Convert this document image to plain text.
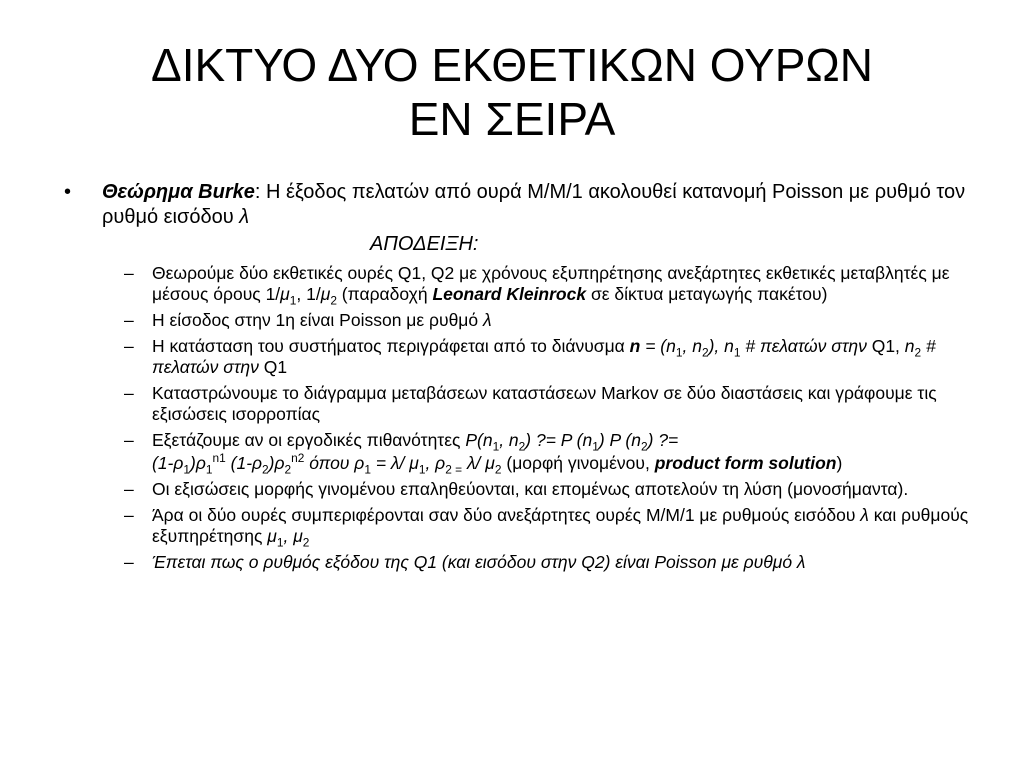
ΔΙΚΤΥΟ ΔΥΟ ΕΚΘΕΤΙΚΩΝ ΟΥΡΩΝ
ΕΝ ΣΕΙΡΑ
• Θεώρημα Burke: Η έξοδος πελατών από ουρά Μ/Μ/1 ακολουθεί κατανομή Poisson με ρυθμό τον ρυθμό εισόδου λ
ΑΠΟΔΕΙΞΗ:
– Θεωρούμε δύο εκθετικές ουρές Q1, Q2 με χρόνους εξυπηρέτησης ανεξάρτητες εκθετικές μεταβλητές με μέσους όρους $1/\mu_1$, $1/\mu_2$ (παραδοχή Leonard Kleinrock σε δίκτυα μεταγωγής πακέτου)
– Η είσοδος στην 1η είναι Poisson με ρυθμό λ
– Η κατάσταση του συστήματος περιγράφεται από το διάνυσμα $n = (n_1$, $n_2$), $n_1$ # πελατών στην Q1, $n_2$ # πελατών στην Q1
– Καταστρώνουμε το διάγραμμα μεταβάσεων καταστάσεων Markov σε δύο διαστάσεις και γράφουμε τις εξισώσεις ισορροπίας
– Εξετάζουμε αν οι εργοδικές πιθανότητες $P(n_1$, $n_2$) ?= P $(n_1)$ P $(n_2)$ ?=
$(1-\rho_1)\rho_1^{n1}$ $(1-\rho_2)\rho_2^{n2}$ όπου $\rho_1 = \lambda/$ $\mu_1$, $\rho_{2 =}$ λ/ $\mu_2$ (μορφή γινομένου, product form solution)
– Οι εξισώσεις μορφής γινομένου επαληθεύονται, και επομένως αποτελούν τη λύση (μονοσήμαντα).
– Άρα οι δύο ουρές συμπεριφέρονται σαν δύο ανεξάρτητες ουρές Μ/Μ/1 με ρυθμούς εισόδου λ και ρυθμούς εξυπηρέτησης $\mu_1$, $\mu_2$
– Έπεται πως ο ρυθμός εξόδου της Q1 (και εισόδου στην Q2) είναι Poisson με ρυθμό λ
